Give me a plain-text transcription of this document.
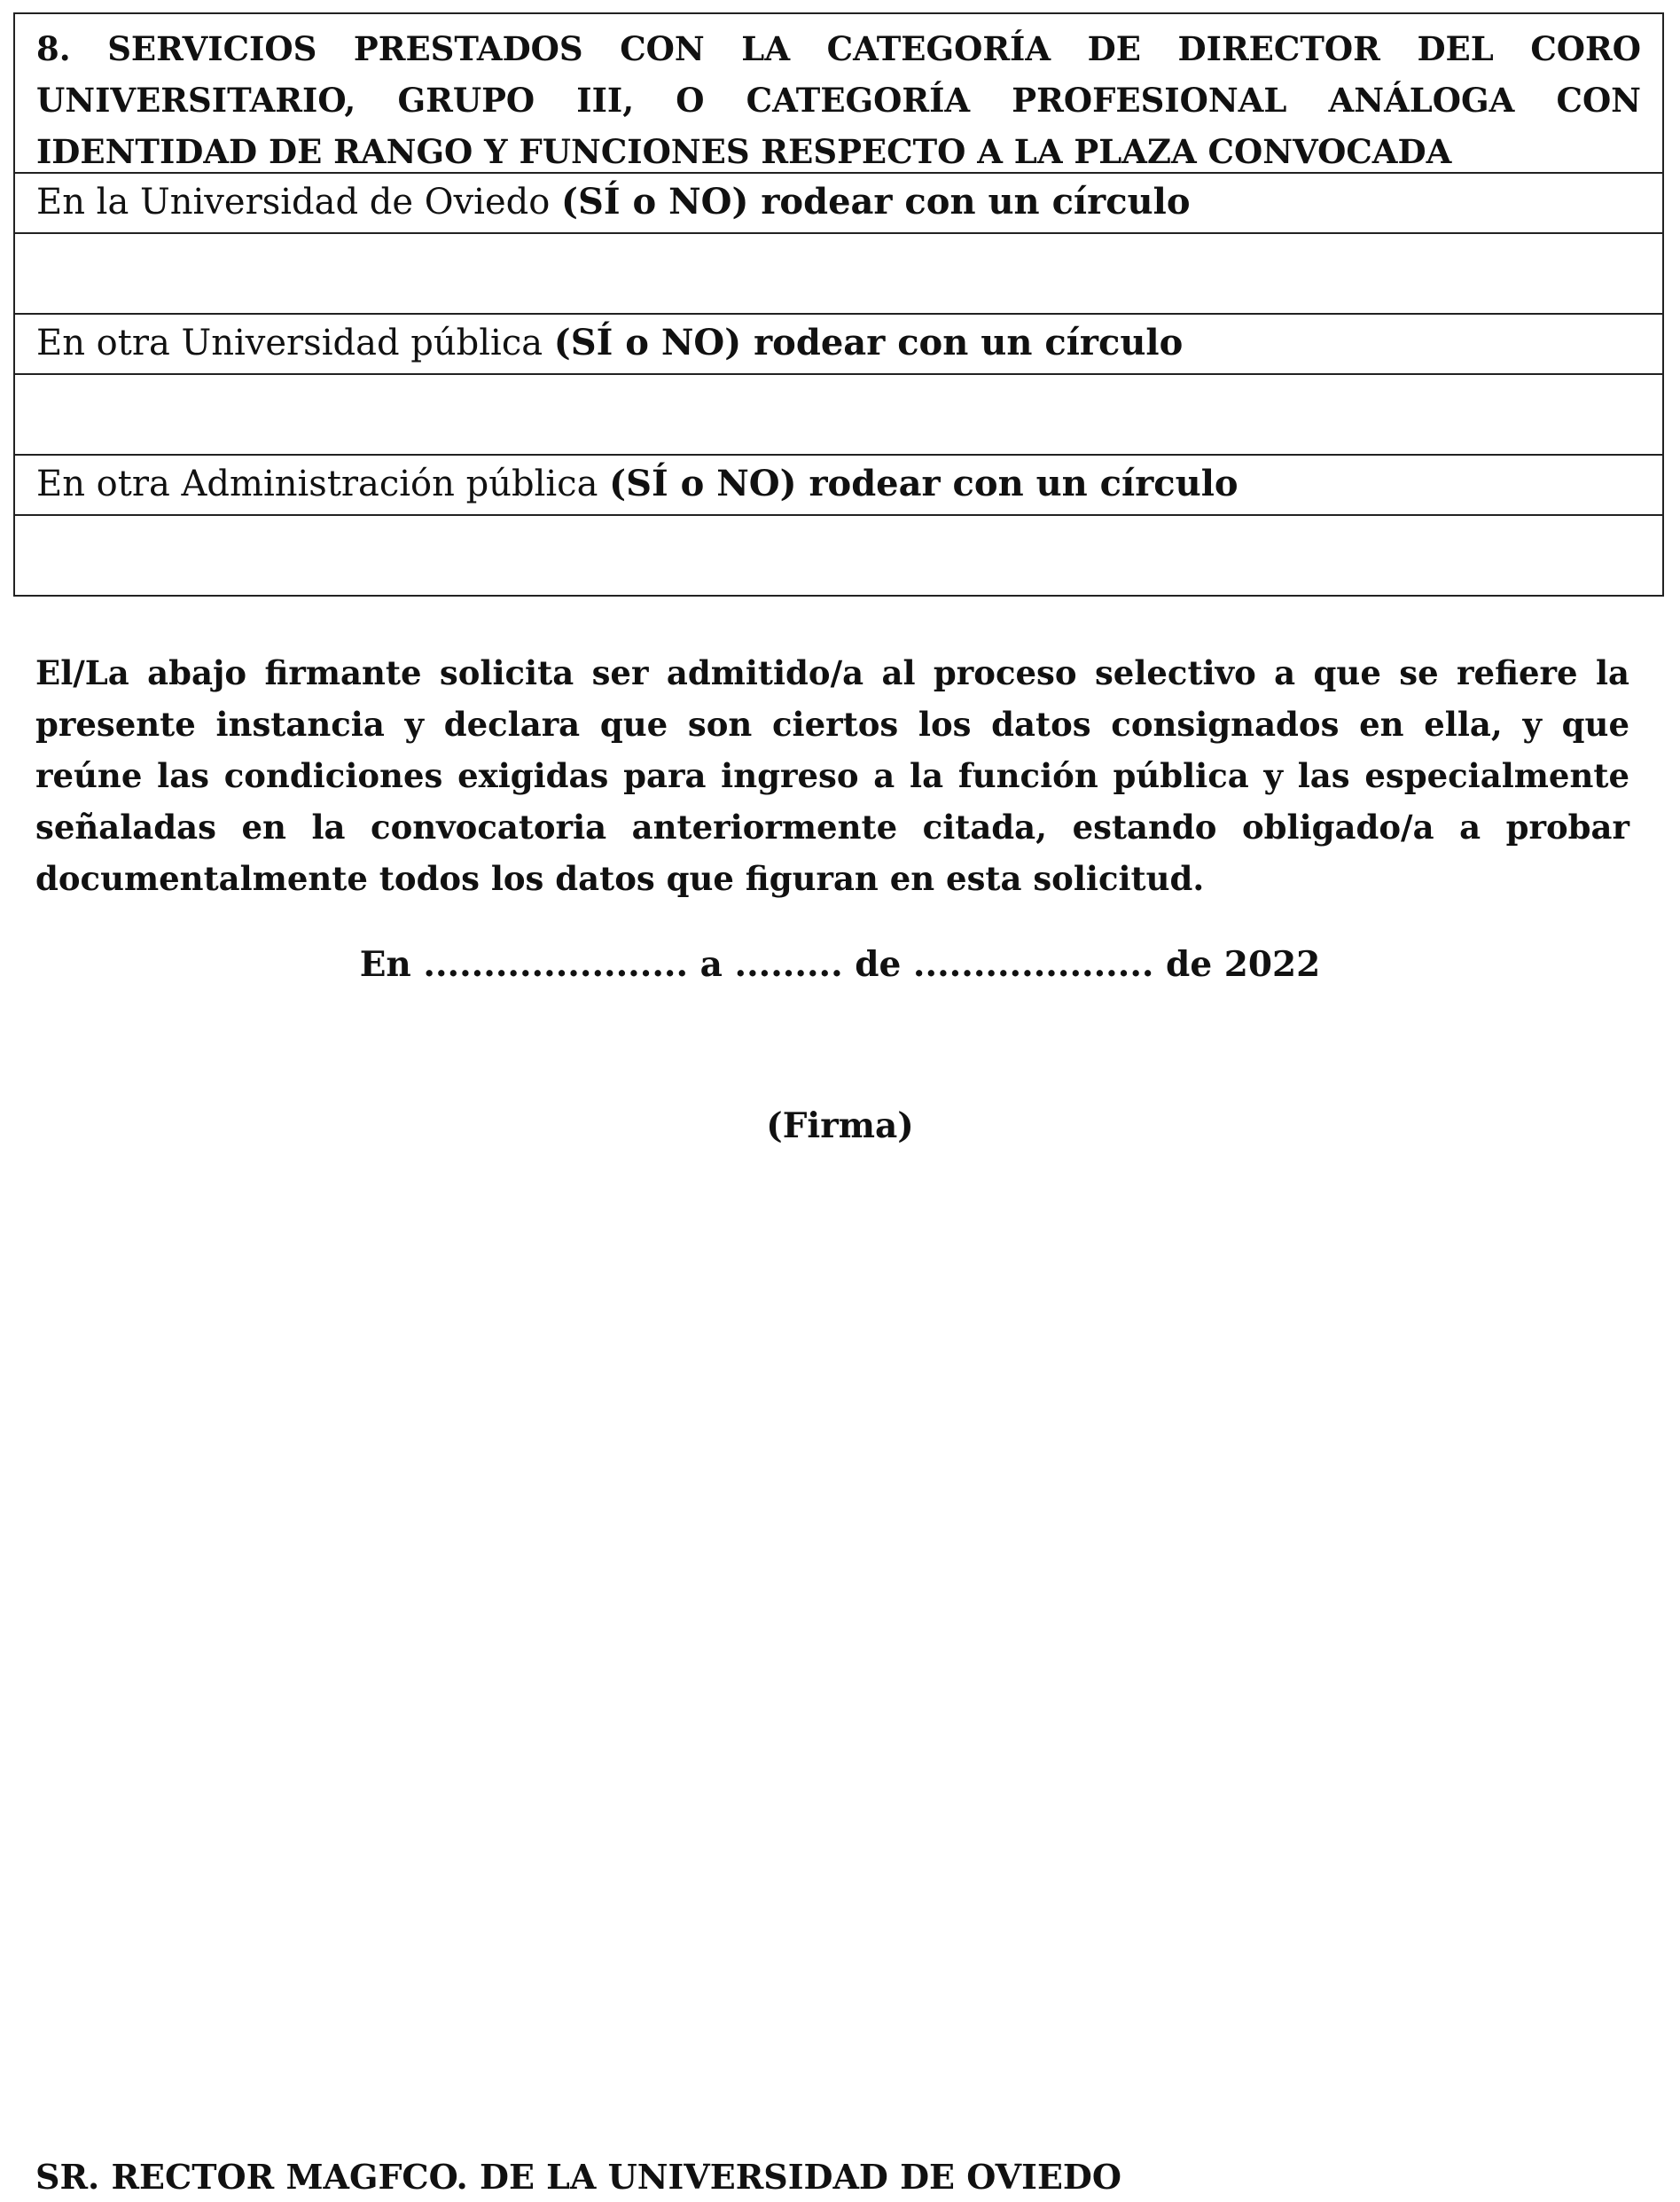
8. SERVICIOS PRESTADOS CON LA CATEGORÍA DE DIRECTOR DEL CORO UNIVERSITARIO, GRUPO III, O CATEGORÍA PROFESIONAL ANÁLOGA CON IDENTIDAD DE RANGO Y FUNCIONES RESPECTO A LA PLAZA CONVOCADA
En la Universidad de Oviedo (SÍ o NO) rodear con un círculo
En otra Universidad pública (SÍ o NO) rodear con un círculo
En otra Administración pública (SÍ o NO) rodear con un círculo

El/La abajo firmante solicita ser admitido/a al proceso selectivo a que se refiere la presente instancia y declara que son ciertos los datos consignados en ella, y que reúne las condiciones exigidas para ingreso a la función pública y las especialmente señaladas en la convocatoria anteriormente citada, estando obligado/a a probar documentalmente todos los datos que figuran en esta solicitud.

En ...................... a ......... de .................... de 2022
(Firma)
SR. RECTOR MAGFCO. DE LA UNIVERSIDAD DE OVIEDO
